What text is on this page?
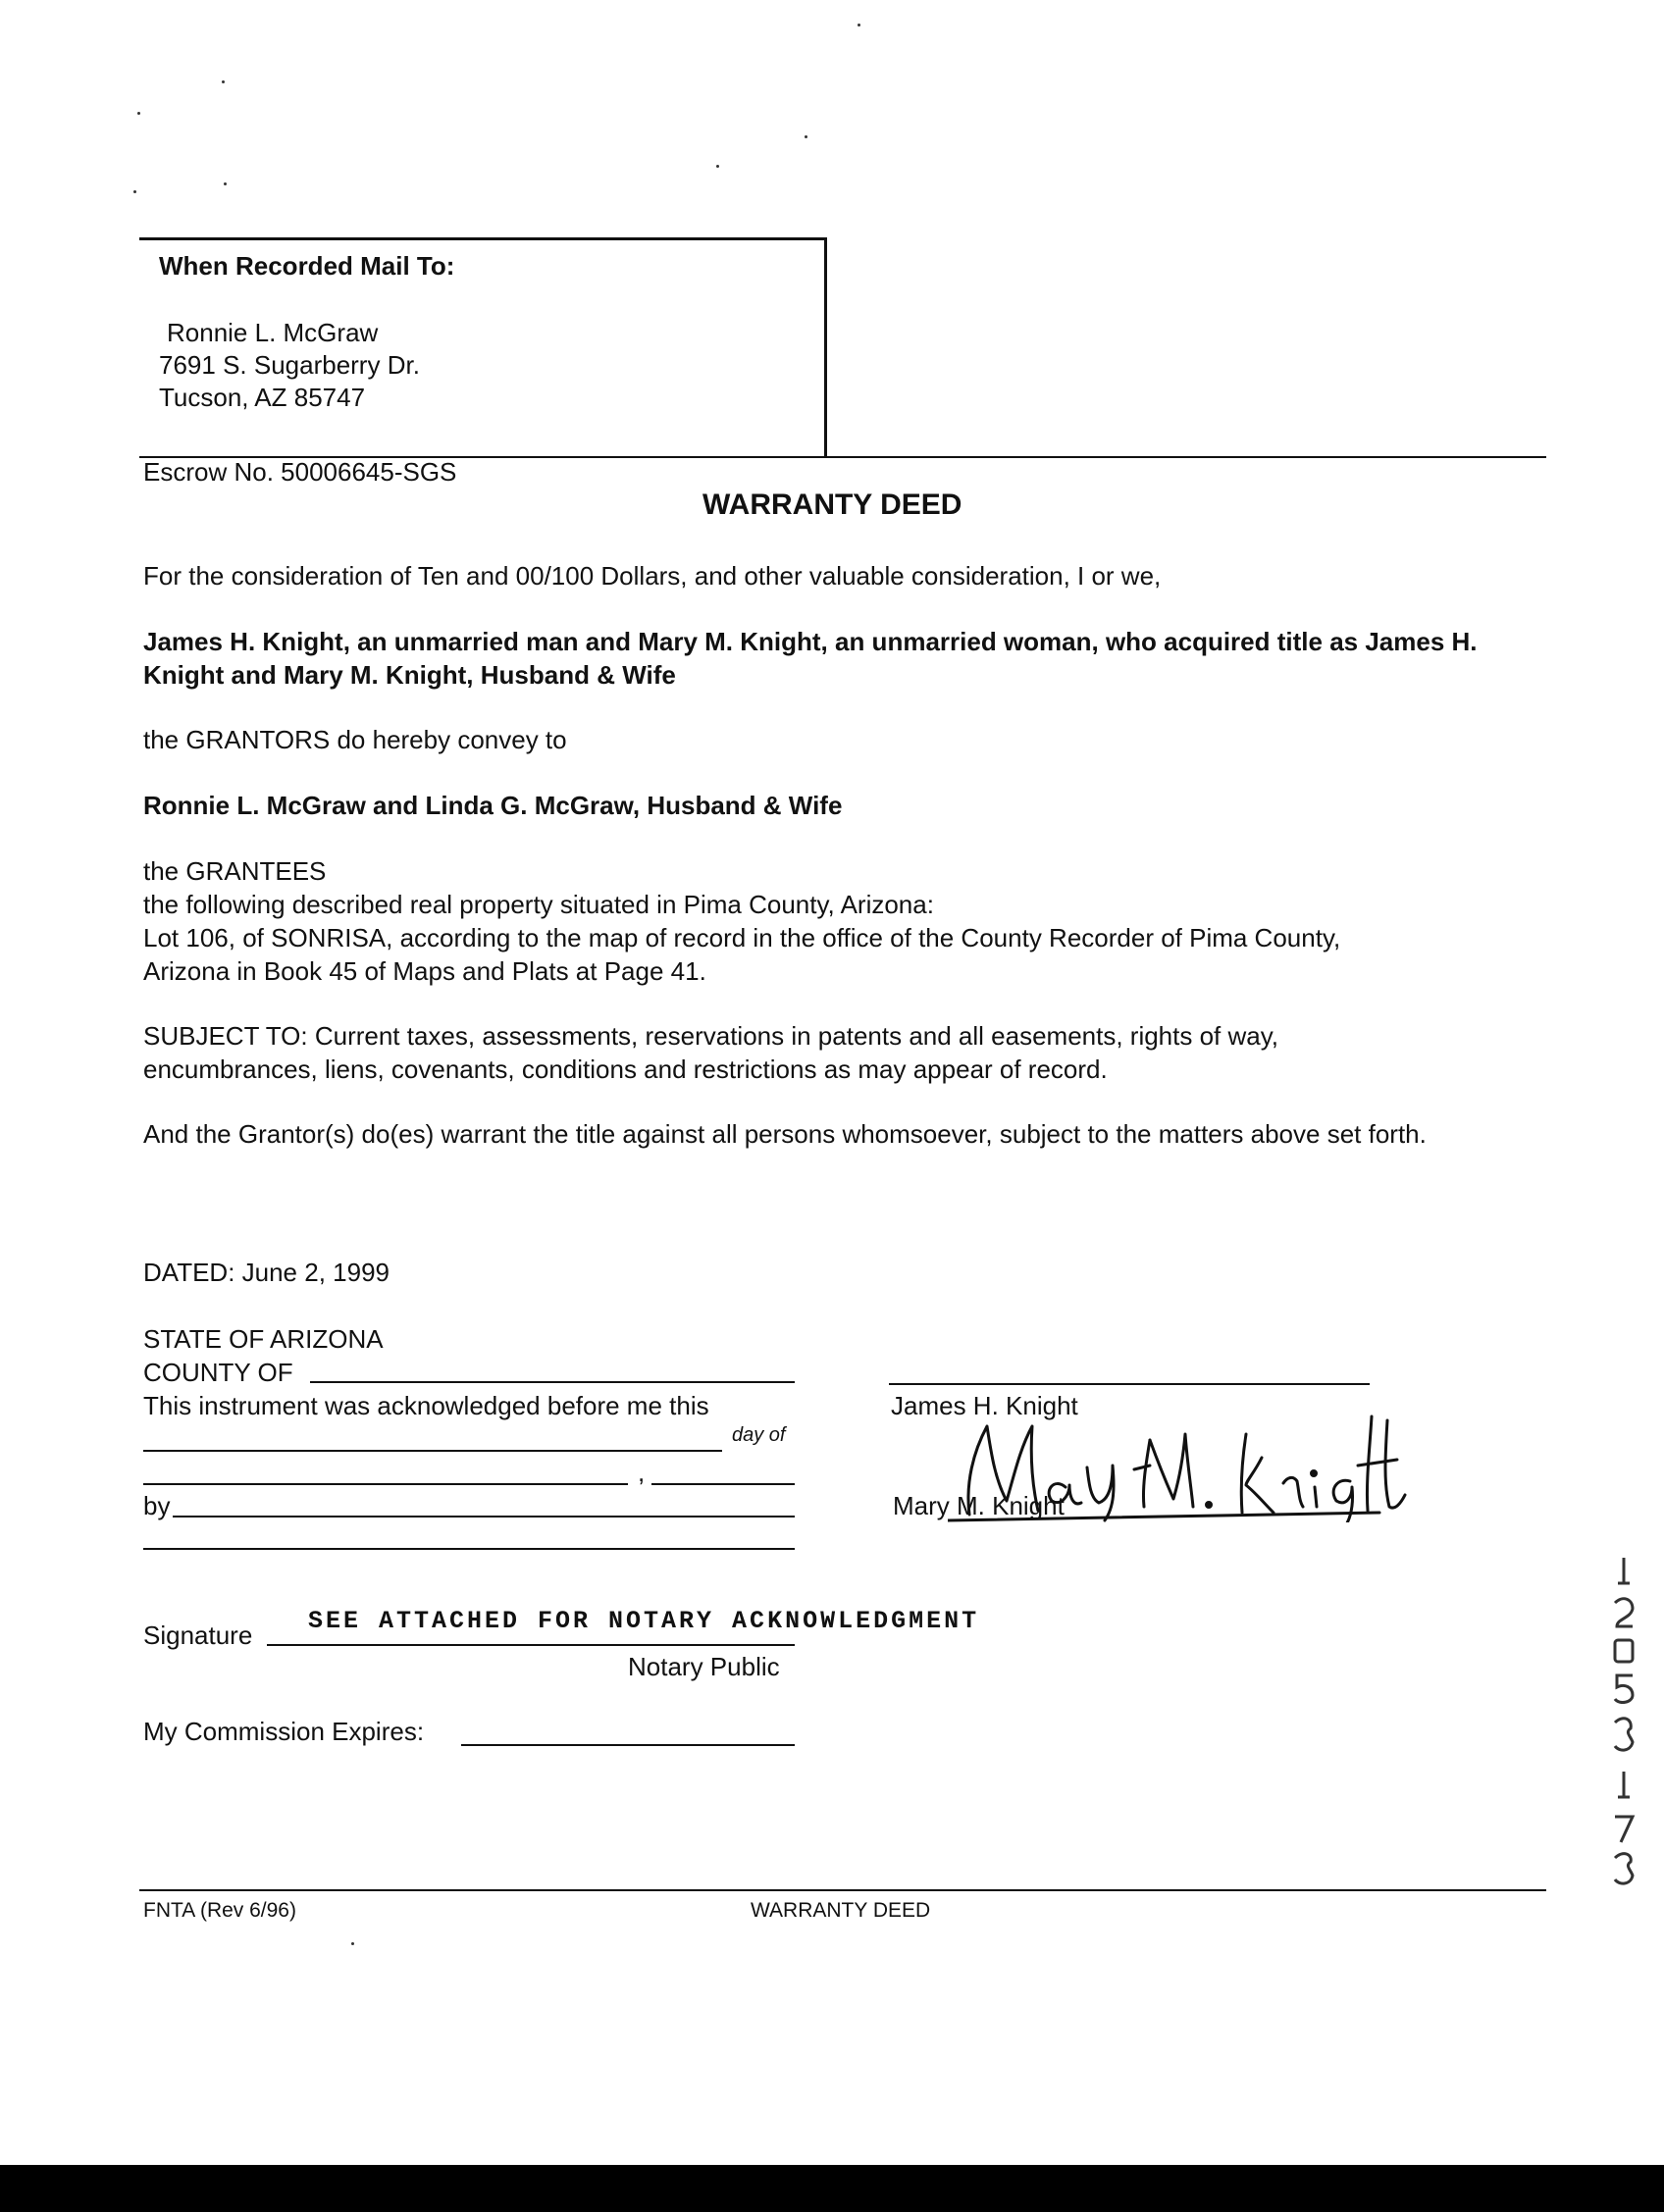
When Recorded Mail To:
Ronnie L. McGraw
7691 S. Sugarberry Dr.
Tucson, AZ 85747
Escrow No. 50006645-SGS
WARRANTY DEED
For the consideration of Ten and 00/100 Dollars, and other valuable consideration, I or we,
James H. Knight, an unmarried man and Mary M. Knight, an unmarried woman, who acquired title as James H.
Knight and Mary M. Knight, Husband & Wife
the GRANTORS do hereby convey to
Ronnie L. McGraw and Linda G. McGraw, Husband & Wife
the GRANTEES
the following described real property situated in Pima County, Arizona:
Lot 106, of SONRISA, according to the map of record in the office of the County Recorder of Pima County,
Arizona in Book 45 of Maps and Plats at Page 41.
SUBJECT TO: Current taxes, assessments, reservations in patents and all easements, rights of way,
encumbrances, liens, covenants, conditions and restrictions as may appear of record.
And the Grantor(s) do(es) warrant the title against all persons whomsoever, subject to the matters above set forth.
DATED: June 2, 1999
STATE OF ARIZONA
COUNTY OF
This instrument was acknowledged before me this
day of
,
by
Signature SEE ATTACHED FOR NOTARY ACKNOWLEDGMENT
Notary Public
My Commission Expires:
James H. Knight
Mary M. Knight
FNTA (Rev 6/96)	WARRANTY DEED
